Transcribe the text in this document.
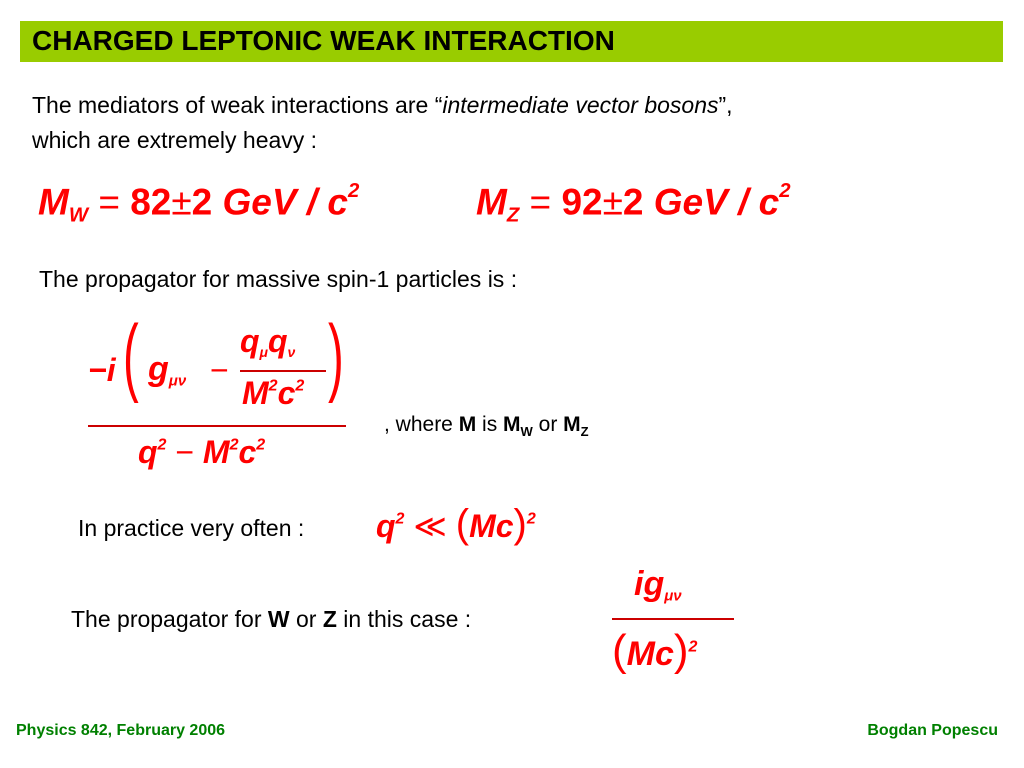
CHARGED LEPTONIC WEAK INTERACTION
The mediators of weak interactions are “intermediate vector bosons”,
which are extremely heavy :
$M_W = 82\pm 2$ GeV / $c^2$	$M_Z = 92\pm 2$ GeV / $c^2$
The propagator for massive spin-1 particles is :
−i ( $g_{\mu\nu}$ −
$q_\mu q_\nu$
$M^2c^2$ )
$q^2 - M^2c^2$
, where M is $M_W$ or $M_Z$
In practice very often : $q^2$ ≪ $(Mc)^2$
The propagator for W or Z in this case :
$ig_{\mu\nu}$
$(Mc)^2$
Physics 842, February 2006	Bogdan Popescu
